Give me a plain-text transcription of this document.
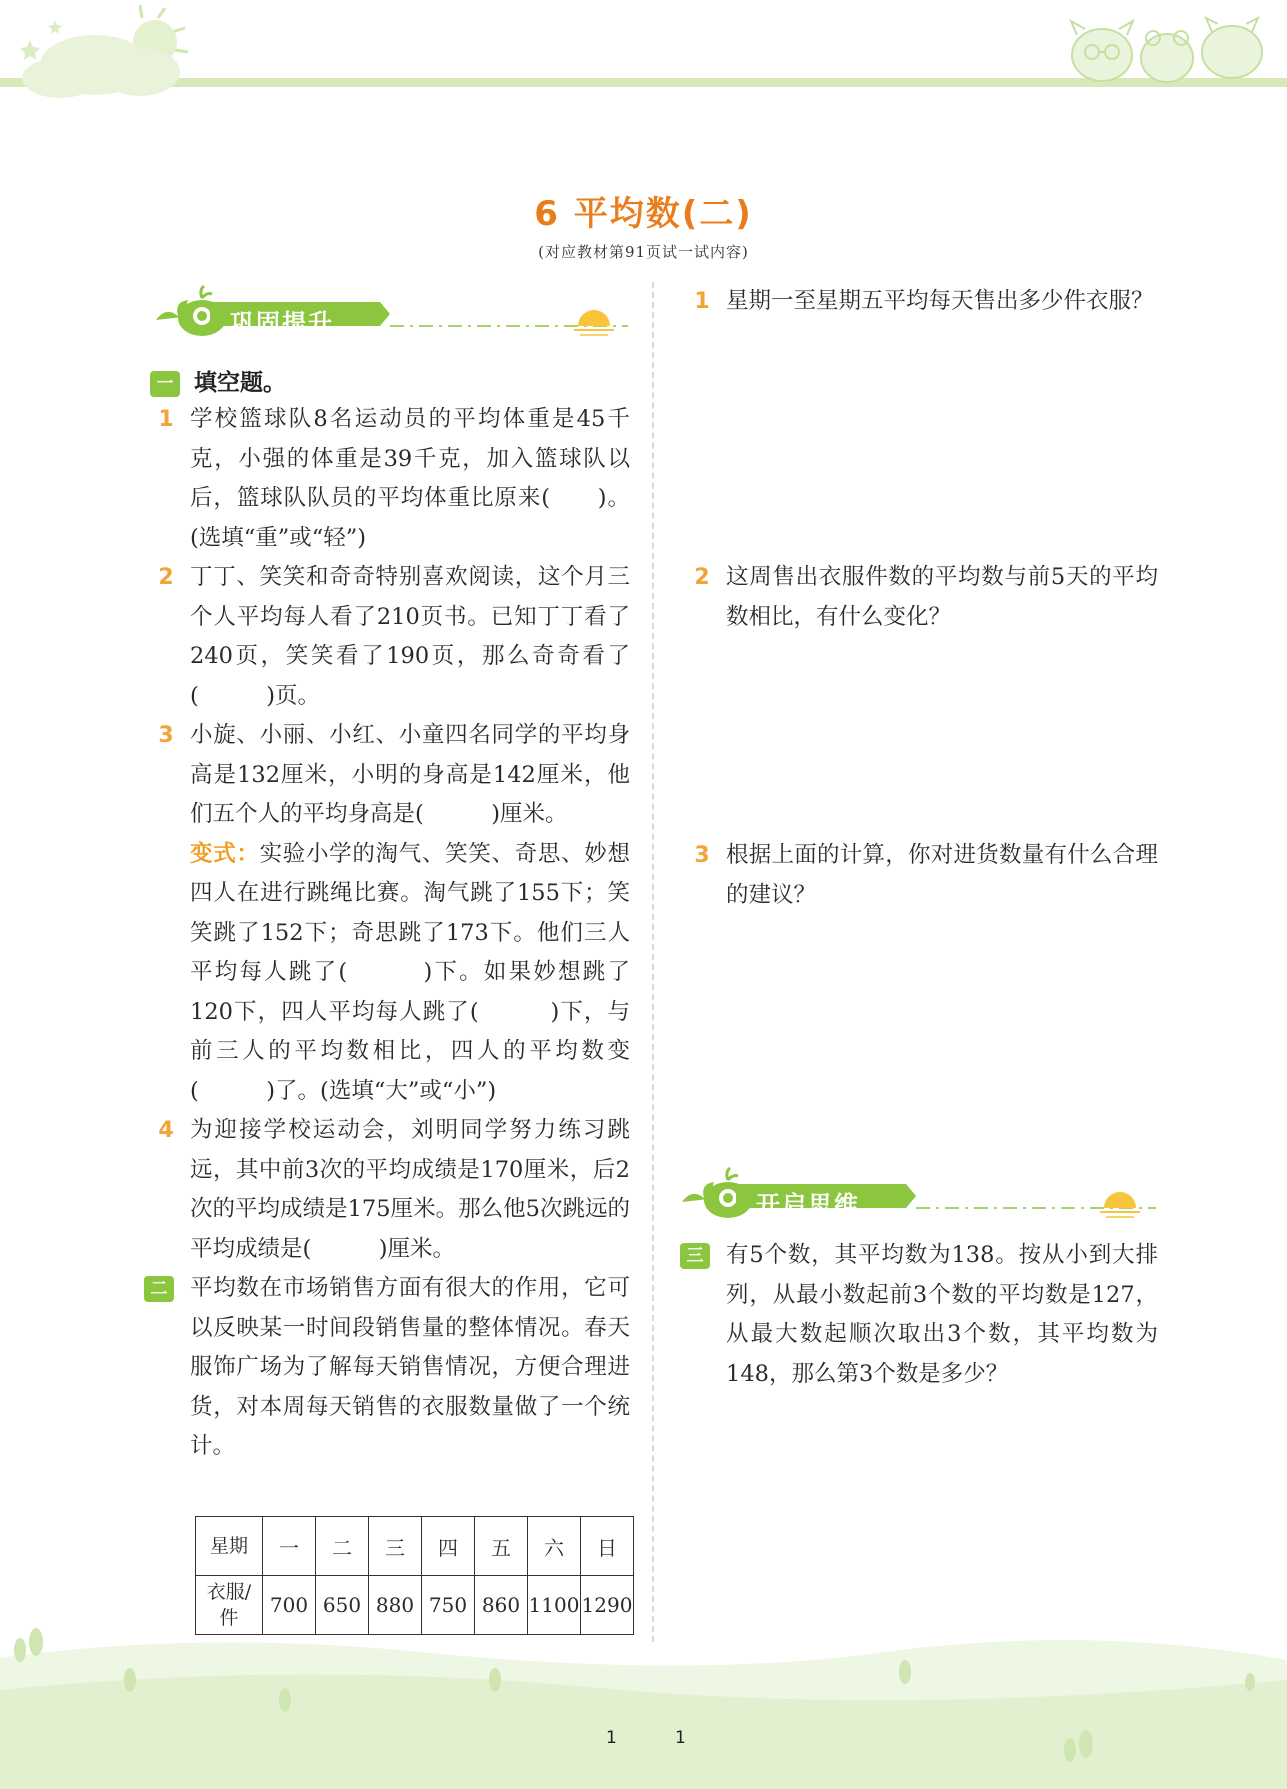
6 平均数(二)
(对应教材第91页试一试内容)
巩固提升
一 填空题。
1 学校篮球队8名运动员的平均体重是45千克，小强的体重是39千克，加入篮球队以后，篮球队队员的平均体重比原来(　　)。(选填“重”或“轻”)
2 丁丁、笑笑和奇奇特别喜欢阅读，这个月三个人平均每人看了210页书。已知丁丁看了240页，笑笑看了190页，那么奇奇看了(　　　)页。
3 小旋、小丽、小红、小童四名同学的平均身高是132厘米，小明的身高是142厘米，他们五个人的平均身高是(　　　)厘米。
变式：实验小学的淘气、笑笑、奇思、妙想四人在进行跳绳比赛。淘气跳了155下；笑笑跳了152下；奇思跳了173下。他们三人平均每人跳了(　　　)下。如果妙想跳了120下，四人平均每人跳了(　　　)下，与前三人的平均数相比，四人的平均数变(　　　)了。(选填“大”或“小”)
4 为迎接学校运动会，刘明同学努力练习跳远，其中前3次的平均成绩是170厘米，后2次的平均成绩是175厘米。那么他5次跳远的平均成绩是(　　　)厘米。
二	平均数在市场销售方面有很大的作用，它可以反映某一时间段销售量的整体情况。春天服饰广场为了解每天销售情况，方便合理进货，对本周每天销售的衣服数量做了一个统计。
星期	一	二	三	四	五	六	日
衣服/件	700	650	880	750	860	1100	1290
1 星期一至星期五平均每天售出多少件衣服？
2 这周售出衣服件数的平均数与前5天的平均数相比，有什么变化？
3 根据上面的计算，你对进货数量有什么合理的建议？
开启思维
三	有5个数，其平均数为138。按从小到大排列，从最小数起前3个数的平均数是127，从最大数起顺次取出3个数，其平均数为148，那么第3个数是多少？
1	1
